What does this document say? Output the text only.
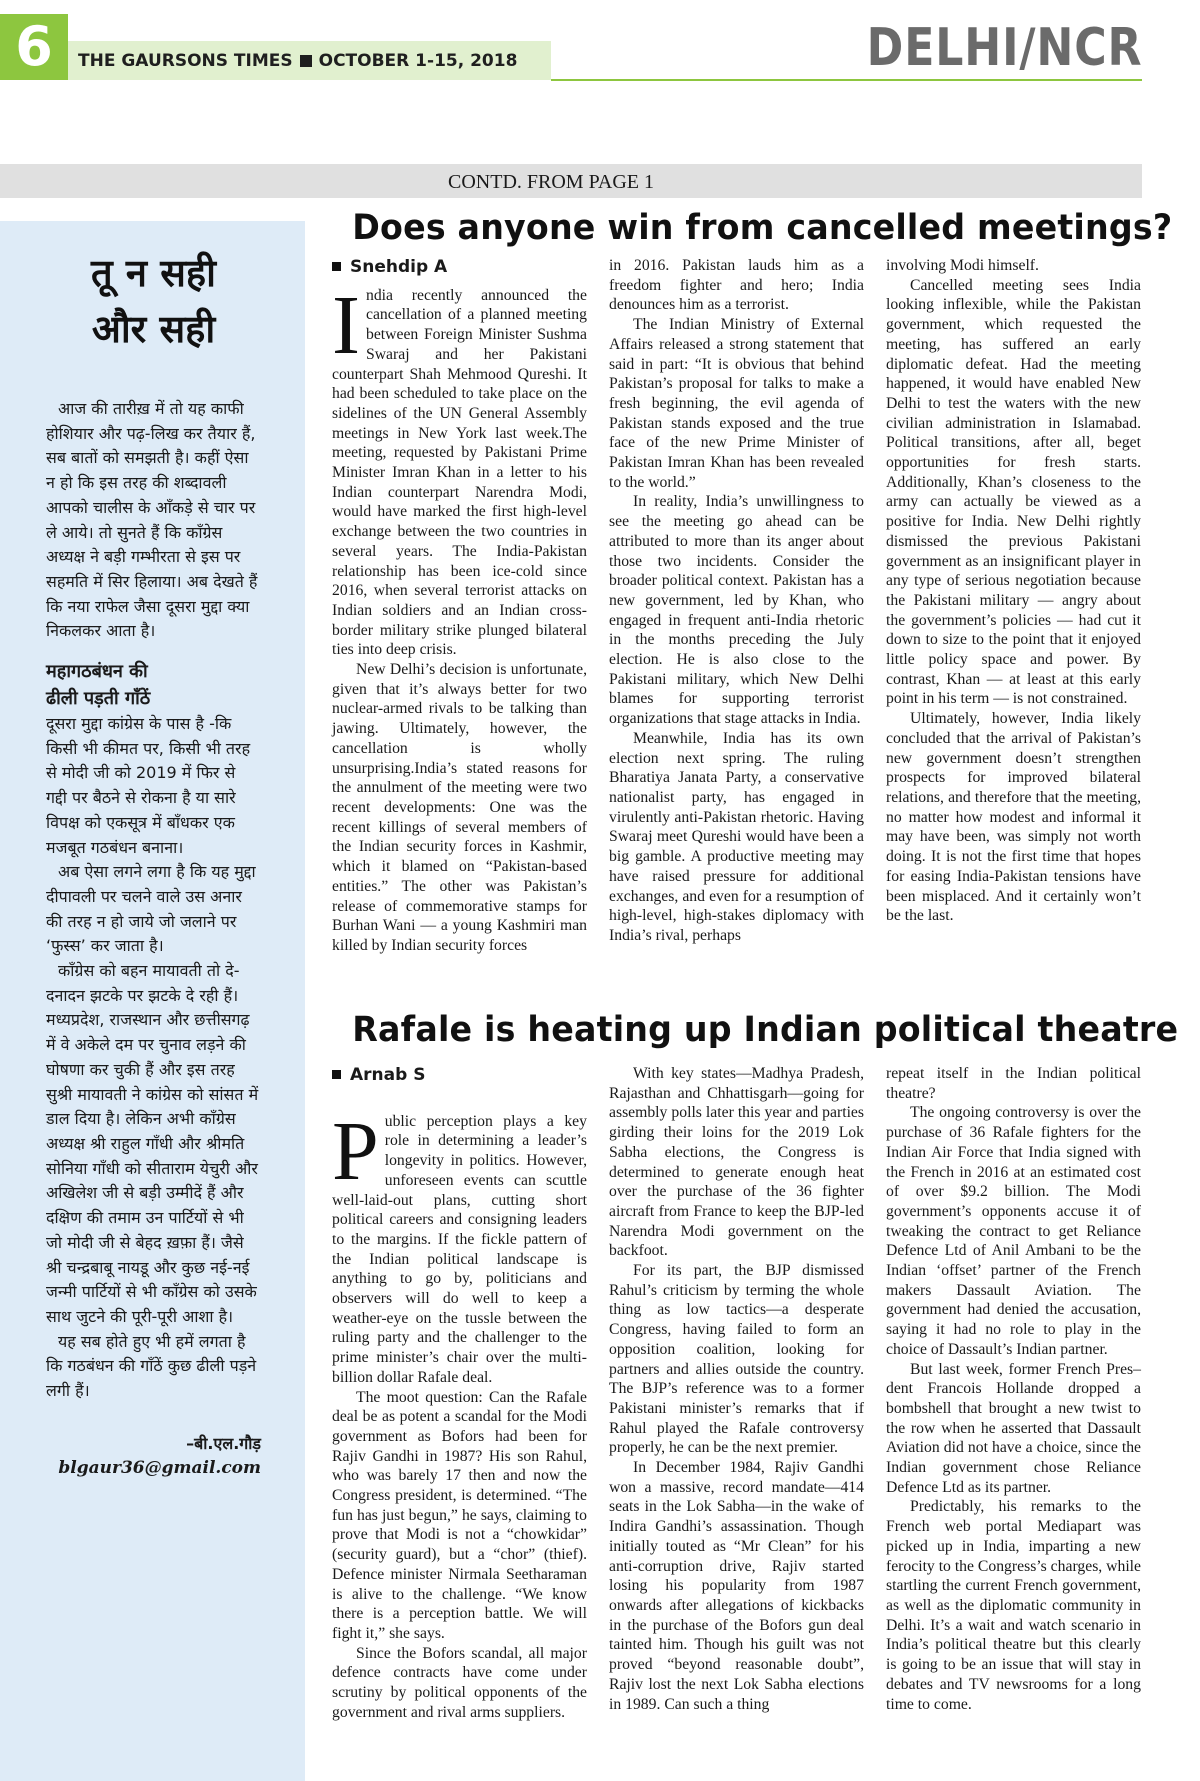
6	THE GAURSONS TIMES OCTOBER 1-15, 2018	DELHI/NCR
CONTD. FROM PAGE 1
तू न सही
और सही

आज की तारीख़ में तो यह काफी होशियार और पढ़-लिख कर तैयार हैं, सब बातों को समझती है। कहीं ऐसा न हो कि इस तरह की शब्दावली आपको चालीस के आँकड़े से चार पर ले आये। तो सुनते हैं कि काँग्रेस अध्यक्ष ने बड़ी गम्भीरता से इस पर सहमति में सिर हिलाया। अब देखते हैं कि नया राफेल जैसा दूसरा मुद्दा क्या निकलकर आता है।

महागठबंधन की
ढीली पड़ती गाँठें

दूसरा मुद्दा कांग्रेस के पास है -कि किसी भी कीमत पर, किसी भी तरह से मोदी जी को 2019 में फिर से गद्दी पर बैठने से रोकना है या सारे विपक्ष को एकसूत्र में बाँधकर एक मजबूत गठबंधन बनाना।

अब ऐसा लगने लगा है कि यह मुद्दा दीपावली पर चलने वाले उस अनार की तरह न हो जाये जो जलाने पर ‘फुस्स’ कर जाता है।

काँग्रेस को बहन मायावती तो दे-दनादन झटके पर झटके दे रही हैं। मध्यप्रदेश, राजस्थान और छत्तीसगढ़ में वे अकेले दम पर चुनाव लड़ने की घोषणा कर चुकी हैं और इस तरह सुश्री मायावती ने कांग्रेस को सांसत में डाल दिया है। लेकिन अभी कॉंग्रेस अध्यक्ष श्री राहुल गाँधी और श्रीमति सोनिया गाँधी को सीताराम येचुरी और अखिलेश जी से बड़ी उम्मीदें हैं और दक्षिण की तमाम उन पार्टियों से भी जो मोदी जी से बेहद ख़फ़ा हैं। जैसे श्री चन्द्रबाबू नायडू और कुछ नई-नई जन्मी पार्टियों से भी कॉंग्रेस को उसके साथ जुटने की पूरी-पूरी आशा है।

यह सब होते हुए भी हमें लगता है कि गठबंधन की गाँठें कुछ ढीली पड़ने लगी हैं।

–बी.एल.गौड़
blgaur36@gmail.com
Does anyone win from cancelled meetings?
Snehdip A

India recently announced the cancellation of a planned meeting between Foreign Minister Sushma Swaraj and her Pakistani counterpart Shah Mehmood Qureshi. It had been scheduled to take place on the sidelines of the UN General Assembly meetings in New York last week.The meeting, requested by Pakistani Prime Minister Imran Khan in a letter to his Indian counterpart Narendra Modi, would have marked the first high-level exchange between the two countries in several years. The India-Pakistan relationship has been ice-cold since 2016, when several terrorist attacks on Indian soldiers and an Indian cross-border military strike plunged bilateral ties into deep crisis.

New Delhi’s decision is unfortunate, given that it’s always better for two nuclear-armed rivals to be talking than jawing. Ultimately, however, the cancellation is wholly unsurprising.India’s stated reasons for the annulment of the meeting were two recent developments: One was the recent killings of several members of the Indian security forces in Kashmir, which it blamed on “Pakistan-based entities.” The other was Pakistan’s release of commemorative stamps for Burhan Wani — a young Kashmiri man killed by Indian security forces

in 2016. Pakistan lauds him as a freedom fighter and hero; India denounces him as a terrorist.

The Indian Ministry of External Affairs released a strong statement that said in part: “It is obvious that behind Pakistan’s proposal for talks to make a fresh beginning, the evil agenda of Pakistan stands exposed and the true face of the new Prime Minister of Pakistan Imran Khan has been revealed to the world.”

In reality, India’s unwillingness to see the meeting go ahead can be attributed to more than its anger about those two incidents. Consider the broader political context. Pakistan has a new government, led by Khan, who engaged in frequent anti-India rhetoric in the months preceding the July election. He is also close to the Pakistani military, which New Delhi blames for supporting terrorist organizations that stage attacks in India.

Meanwhile, India has its own election next spring. The ruling Bharatiya Janata Party, a conservative nationalist party, has engaged in virulently anti-Pakistan rhetoric. Having Swaraj meet Qureshi would have been a big gamble. A productive meeting may have raised pressure for additional exchanges, and even for a resumption of high-level, high-stakes diplomacy with India’s rival, perhaps

involving Modi himself.

Cancelled meeting sees India looking inflexible, while the Pakistan government, which requested the meeting, has suffered an early diplomatic defeat. Had the meeting happened, it would have enabled New Delhi to test the waters with the new civilian administration in Islamabad. Political transitions, after all, beget opportunities for fresh starts. Additionally, Khan’s closeness to the army can actually be viewed as a positive for India. New Delhi rightly dismissed the previous Pakistani government as an insignificant player in any type of serious negotiation because the Pakistani military — angry about the government’s policies — had cut it down to size to the point that it enjoyed little policy space and power. By contrast, Khan — at least at this early point in his term — is not constrained.

Ultimately, however, India likely concluded that the arrival of Pakistan’s new government doesn’t strengthen prospects for improved bilateral relations, and therefore that the meeting, no matter how modest and informal it may have been, was simply not worth doing. It is not the first time that hopes for easing India-Pakistan tensions have been misplaced. And it certainly won’t be the last.

Rafale is heating up Indian political theatre
Arnab S

Public perception plays a key role in determining a leader’s longevity in politics. However, unforeseen events can scuttle well-laid-out plans, cutting short political careers and consigning leaders to the margins. If the fickle pattern of the Indian political landscape is anything to go by, politicians and observers will do well to keep a weather-eye on the tussle between the ruling party and the challenger to the prime minister’s chair over the multi-billion dollar Rafale deal.

The moot question: Can the Rafale deal be as potent a scandal for the Modi government as Bofors had been for Rajiv Gandhi in 1987? His son Rahul, who was barely 17 then and now the Congress president, is determined. “The fun has just begun,” he says, claiming to prove that Modi is not a “chowkidar” (security guard), but a “chor” (thief). Defence minister Nirmala Seetharaman is alive to the challenge. “We know there is a perception battle. We will fight it,” she says.

Since the Bofors scandal, all major defence contracts have come under scrutiny by political opponents of the government and rival arms suppliers.

With key states—Madhya Pradesh, Rajasthan and Chhattisgarh—going for assembly polls later this year and parties girding their loins for the 2019 Lok Sabha elections, the Congress is determined to generate enough heat over the purchase of the 36 fighter aircraft from France to keep the BJP-led Narendra Modi government on the backfoot.

For its part, the BJP dismissed Rahul’s criticism by terming the whole thing as low tactics—a desperate Congress, having failed to form an opposition coalition, looking for partners and allies outside the country. The BJP’s reference was to a former Pakistani minister’s remarks that if Rahul played the Rafale controversy properly, he can be the next premier.

In December 1984, Rajiv Gandhi won a massive, record mandate—414 seats in the Lok Sabha—in the wake of Indira Gandhi’s assassination. Though initially touted as “Mr Clean” for his anti-corruption drive, Rajiv started losing his popularity from 1987 onwards after allegations of kickbacks in the purchase of the Bofors gun deal tainted him. Though his guilt was not proved “beyond reasonable doubt”, Rajiv lost the next Lok Sabha elections in 1989. Can such a thing

repeat itself in the Indian political theatre?

The ongoing controversy is over the purchase of 36 Rafale fighters for the Indian Air Force that India signed with the French in 2016 at an estimated cost of over $9.2 billion. The Modi government’s opponents accuse it of tweaking the contract to get Reliance Defence Ltd of Anil Ambani to be the Indian ‘offset’ partner of the French makers Dassault Aviation. The government had denied the accusation, saying it had no role to play in the choice of Dassault’s Indian partner.

But last week, former French Pres–dent Francois Hollande dropped a bombshell that brought a new twist to the row when he asserted that Dassault Aviation did not have a choice, since the Indian government chose Reliance Defence Ltd as its partner.

Predictably, his remarks to the French web portal Mediapart was picked up in India, imparting a new ferocity to the Congress’s charges, while startling the current French government, as well as the diplomatic community in Delhi. It’s a wait and watch scenario in India’s political theatre but this clearly is going to be an issue that will stay in debates and TV newsrooms for a long time to come.
